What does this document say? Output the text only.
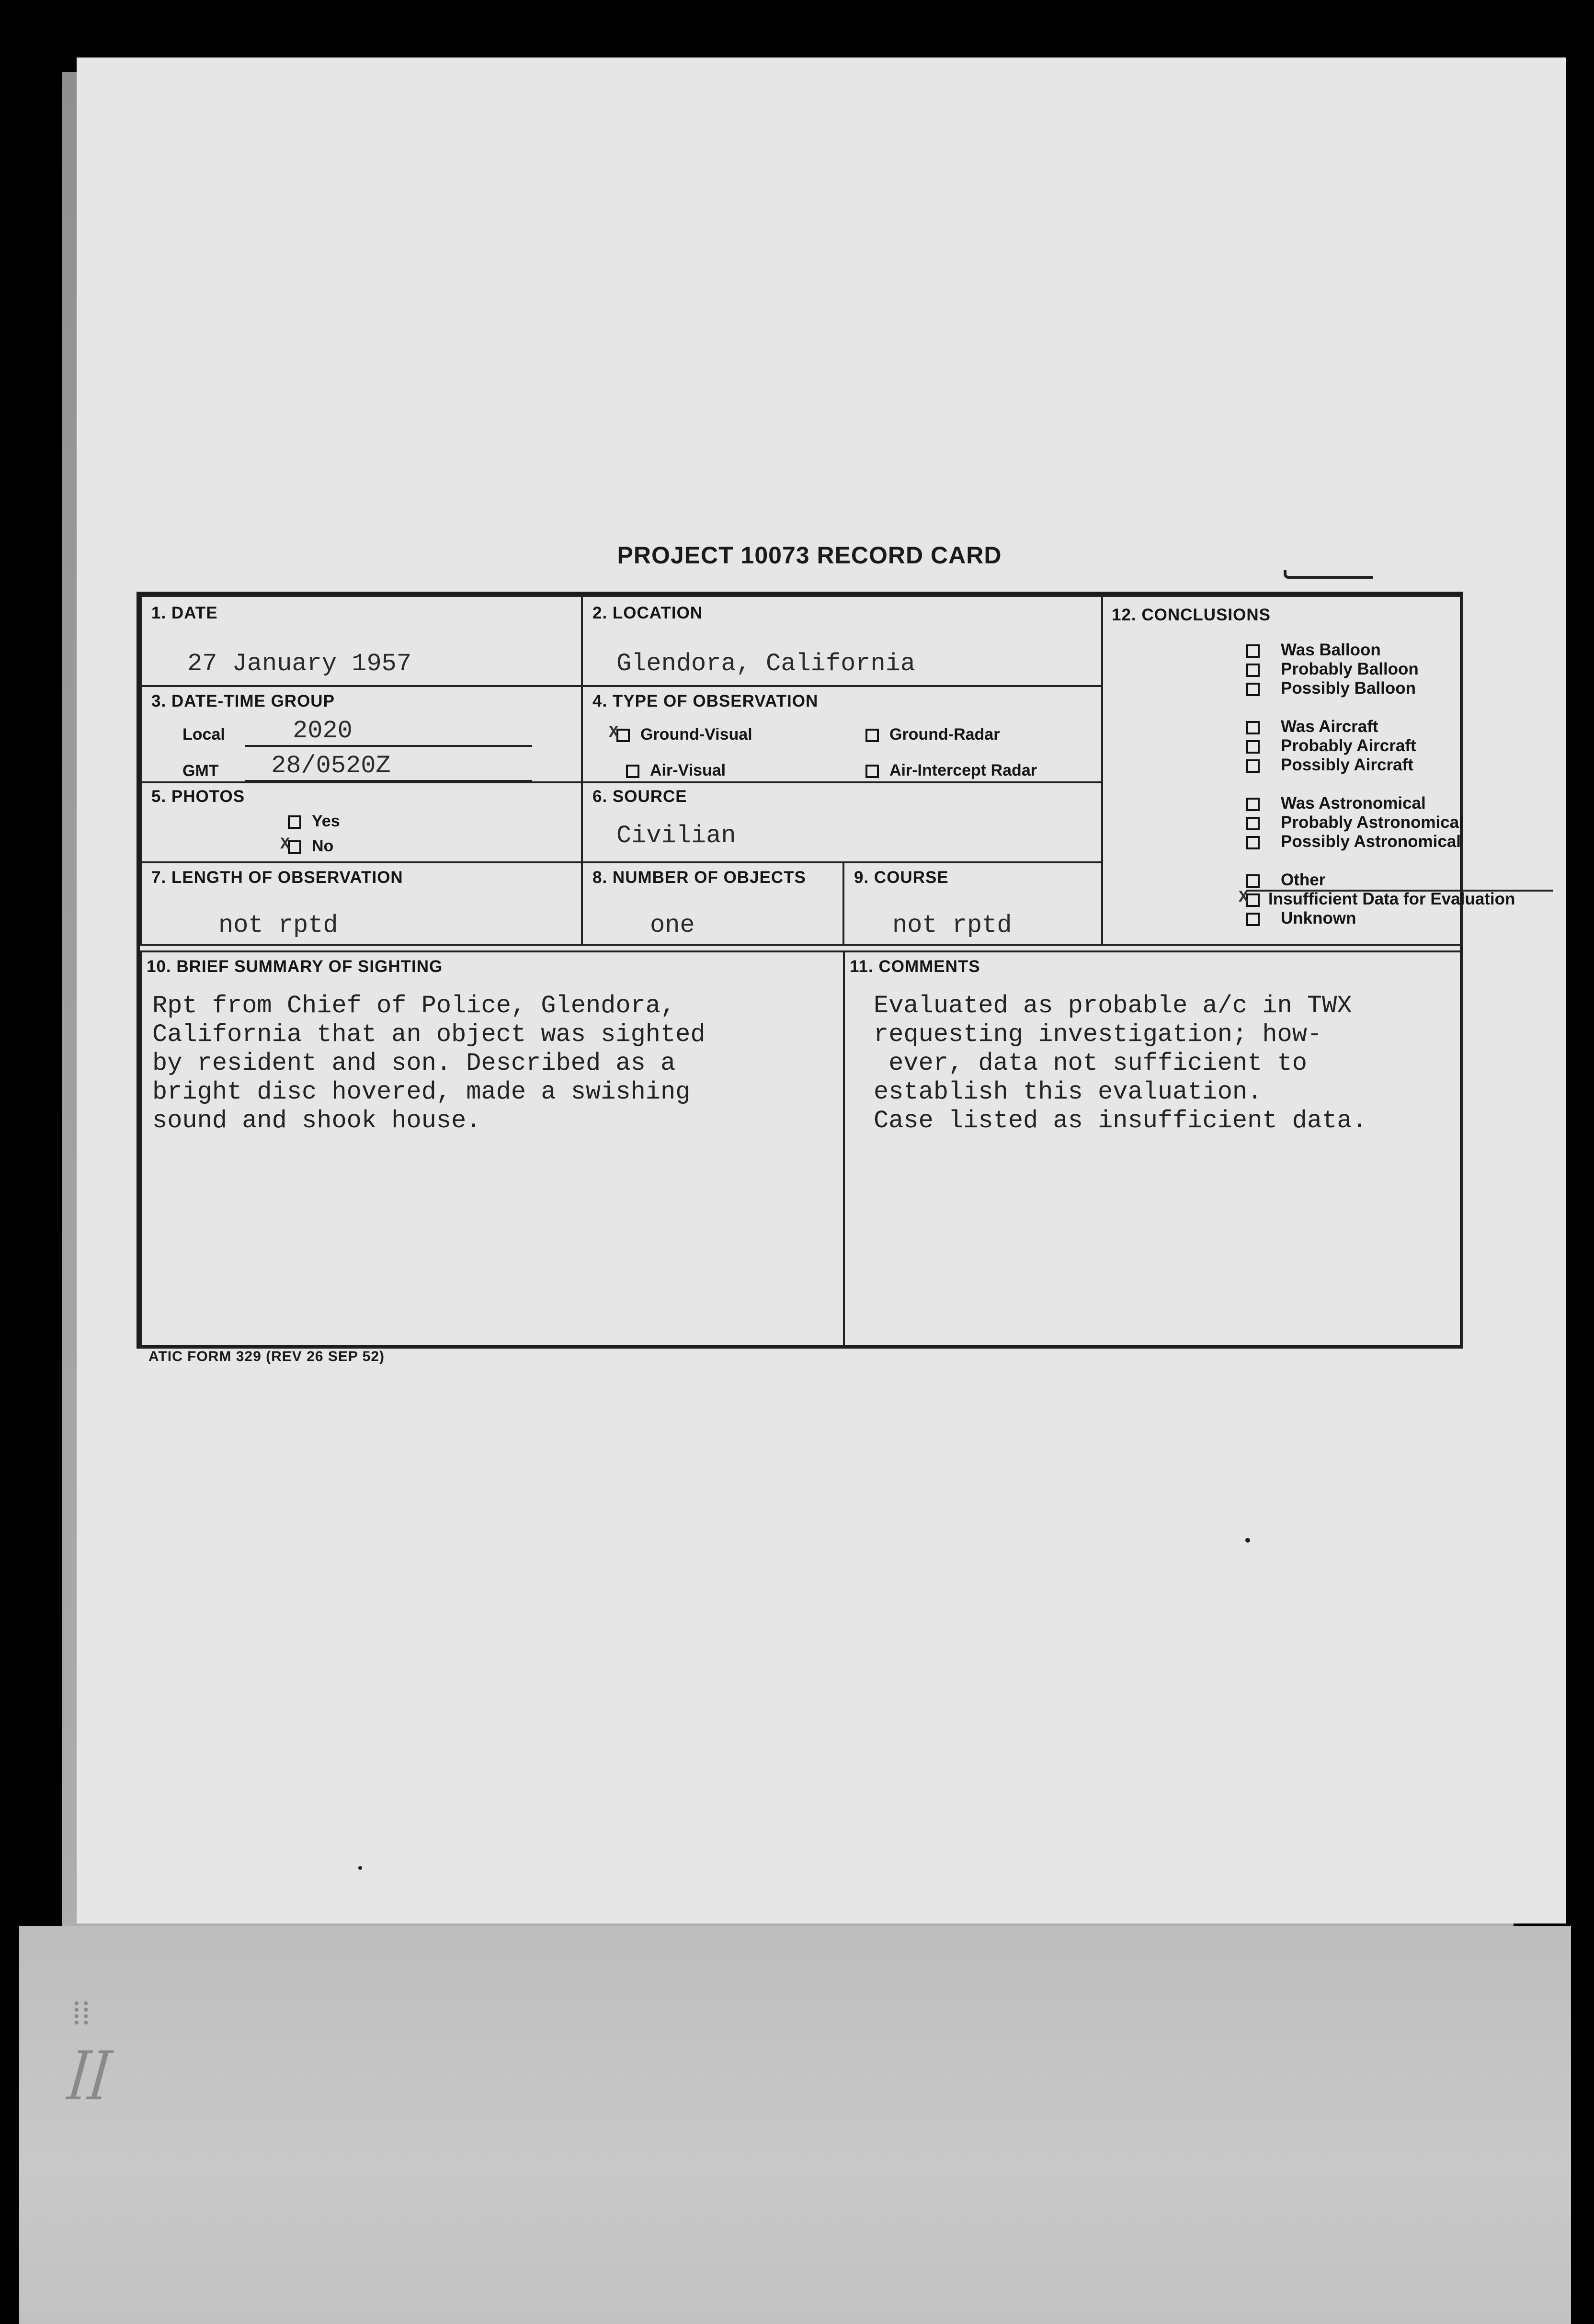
⁞⁞
ꟾꟾ
PROJECT 10073 RECORD CARD
1. DATE
27 January 1957
2. LOCATION
Glendora, California
3. DATE-TIME GROUP
Local	2020
GMT	28/0520Z
4. TYPE OF OBSERVATION
XGround-Visual	Ground-Radar
Air-Visual	Air-Intercept Radar
5. PHOTOS
Yes
XNo
6. SOURCE
Civilian
7. LENGTH OF OBSERVATION
not rptd
8. NUMBER OF OBJECTS
one
9. COURSE
not rptd
12. CONCLUSIONS
Was Balloon
Probably Balloon
Possibly Balloon
Was Aircraft
Probably Aircraft
Possibly Aircraft
Was Astronomical
Probably Astronomical
Possibly Astronomical
Other
XInsufficient Data for Evaluation
Unknown
10. BRIEF SUMMARY OF SIGHTING
Rpt from Chief of Police, Glendora,
California that an object was sighted
by resident and son. Described as a
bright disc hovered, made a swishing
sound and shook house.
11. COMMENTS
Evaluated as probable a/c in TWX
requesting investigation; how-
ever, data not sufficient to
establish this evaluation.
Case listed as insufficient data.
ATIC FORM 329 (REV 26 SEP 52)
